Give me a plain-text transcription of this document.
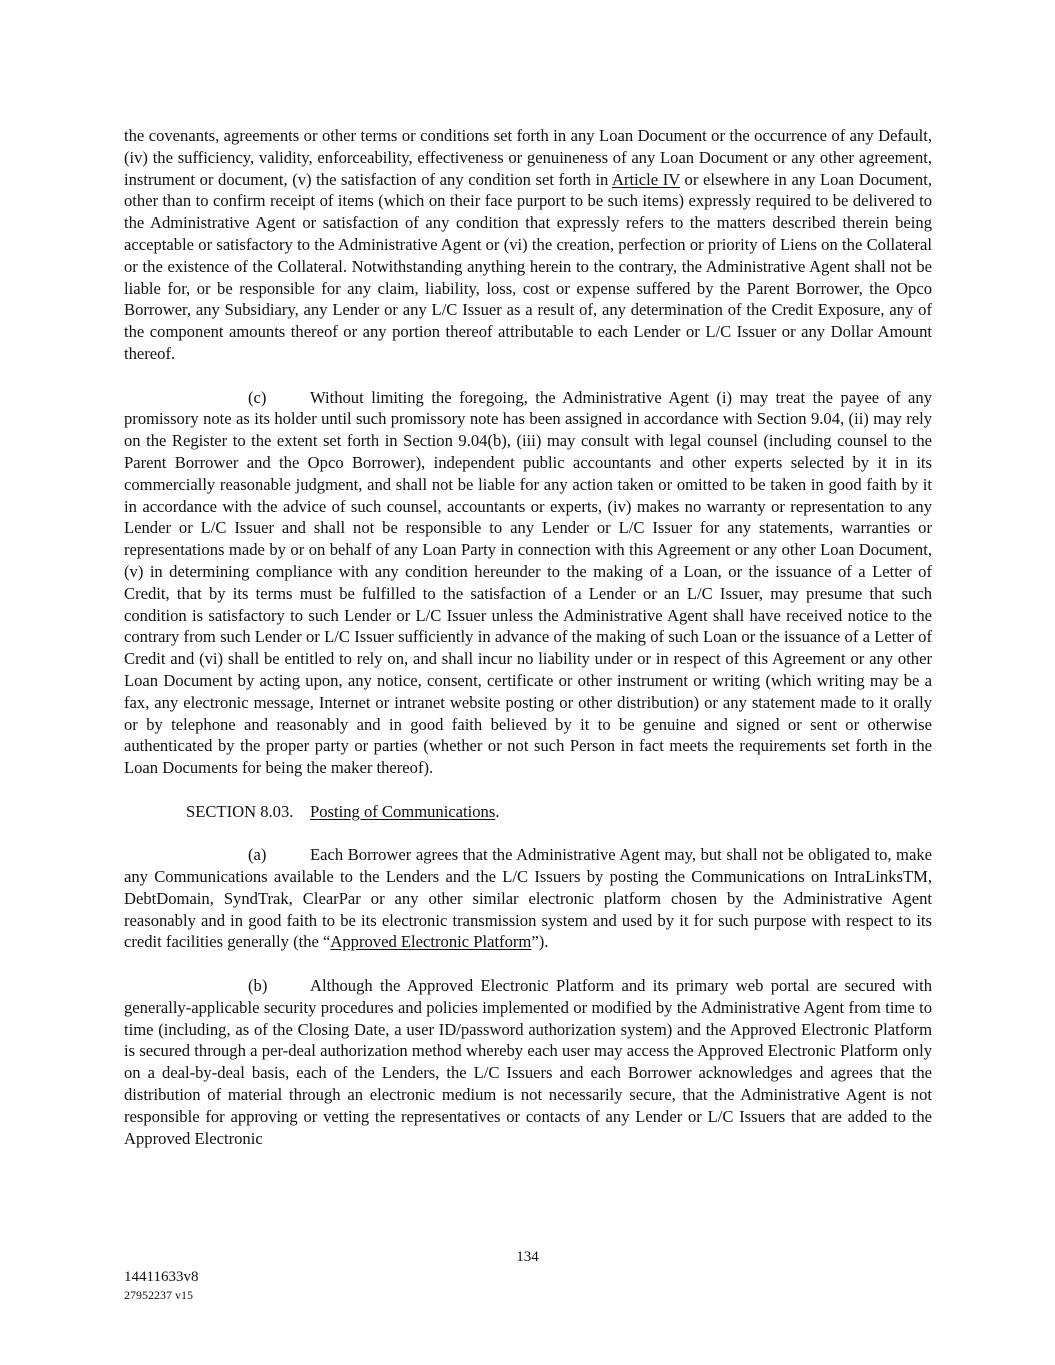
the covenants, agreements or other terms or conditions set forth in any Loan Document or the occurrence of any Default, (iv) the sufficiency, validity, enforceability, effectiveness or genuineness of any Loan Document or any other agreement, instrument or document, (v) the satisfaction of any condition set forth in Article IV or elsewhere in any Loan Document, other than to confirm receipt of items (which on their face purport to be such items) expressly required to be delivered to the Administrative Agent or satisfaction of any condition that expressly refers to the matters described therein being acceptable or satisfactory to the Administrative Agent or (vi) the creation, perfection or priority of Liens on the Collateral or the existence of the Collateral. Notwithstanding anything herein to the contrary, the Administrative Agent shall not be liable for, or be responsible for any claim, liability, loss, cost or expense suffered by the Parent Borrower, the Opco Borrower, any Subsidiary, any Lender or any L/C Issuer as a result of, any determination of the Credit Exposure, any of the component amounts thereof or any portion thereof attributable to each Lender or L/C Issuer or any Dollar Amount thereof.

(c)	Without limiting the foregoing, the Administrative Agent (i) may treat the payee of any promissory note as its holder until such promissory note has been assigned in accordance with Section 9.04, (ii) may rely on the Register to the extent set forth in Section 9.04(b), (iii) may consult with legal counsel (including counsel to the Parent Borrower and the Opco Borrower), independent public accountants and other experts selected by it in its commercially reasonable judgment, and shall not be liable for any action taken or omitted to be taken in good faith by it in accordance with the advice of such counsel, accountants or experts, (iv) makes no warranty or representation to any Lender or L/C Issuer and shall not be responsible to any Lender or L/C Issuer for any statements, warranties or representations made by or on behalf of any Loan Party in connection with this Agreement or any other Loan Document, (v) in determining compliance with any condition hereunder to the making of a Loan, or the issuance of a Letter of Credit, that by its terms must be fulfilled to the satisfaction of a Lender or an L/C Issuer, may presume that such condition is satisfactory to such Lender or L/C Issuer unless the Administrative Agent shall have received notice to the contrary from such Lender or L/C Issuer sufficiently in advance of the making of such Loan or the issuance of a Letter of Credit and (vi) shall be entitled to rely on, and shall incur no liability under or in respect of this Agreement or any other Loan Document by acting upon, any notice, consent, certificate or other instrument or writing (which writing may be a fax, any electronic message, Internet or intranet website posting or other distribution) or any statement made to it orally or by telephone and reasonably and in good faith believed by it to be genuine and signed or sent or otherwise authenticated by the proper party or parties (whether or not such Person in fact meets the requirements set forth in the Loan Documents for being the maker thereof).

SECTION 8.03. Posting of Communications.

(a)	Each Borrower agrees that the Administrative Agent may, but shall not be obligated to, make any Communications available to the Lenders and the L/C Issuers by posting the Communications on IntraLinksTM, DebtDomain, SyndTrak, ClearPar or any other similar electronic platform chosen by the Administrative Agent reasonably and in good faith to be its electronic transmission system and used by it for such purpose with respect to its credit facilities generally (the “Approved Electronic Platform”).

(b)	Although the Approved Electronic Platform and its primary web portal are secured with generally-applicable security procedures and policies implemented or modified by the Administrative Agent from time to time (including, as of the Closing Date, a user ID/password authorization system) and the Approved Electronic Platform is secured through a per-deal authorization method whereby each user may access the Approved Electronic Platform only on a deal-by-deal basis, each of the Lenders, the L/C Issuers and each Borrower acknowledges and agrees that the distribution of material through an electronic medium is not necessarily secure, that the Administrative Agent is not responsible for approving or vetting the representatives or contacts of any Lender or L/C Issuers that are added to the Approved Electronic

134
14411633v8
27952237 v15
